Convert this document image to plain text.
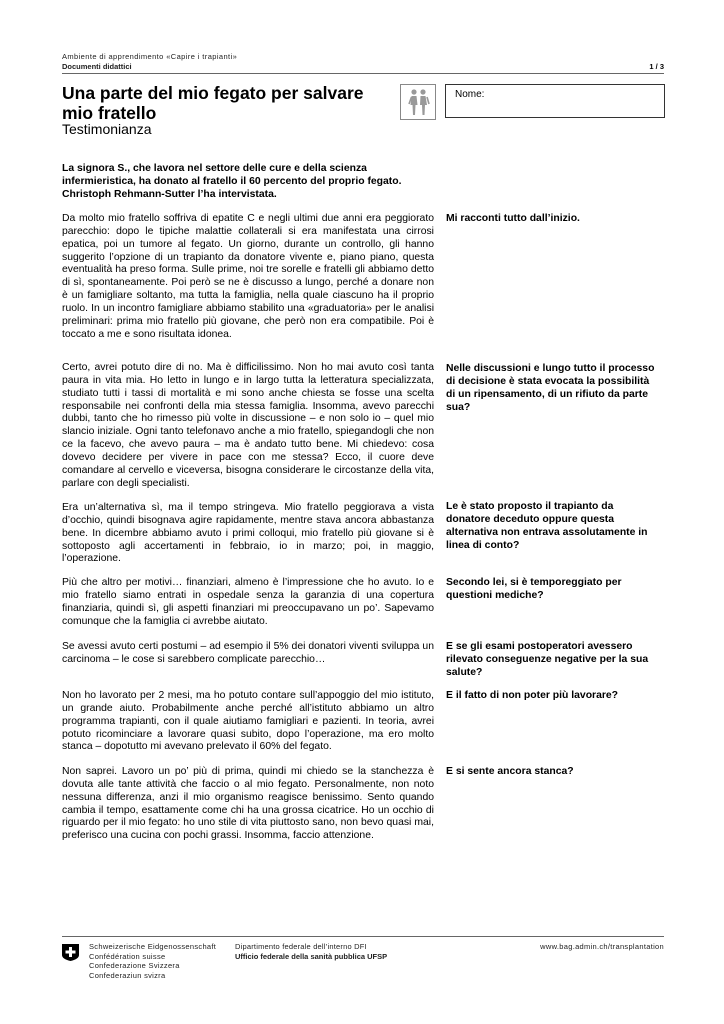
Ambiente di apprendimento «Capire i trapianti»
Documenti didattici	1 / 3
Una parte del mio fegato per salvare mio fratello
Testimonianza
Nome:
La signora S., che lavora nel settore delle cure e della scienza infermieristica, ha donato al fratello il 60 percento del proprio fegato. Christoph Rehmann-Sutter l’ha intervistata.
Da molto mio fratello soffriva di epatite C e negli ultimi due anni era peggiorato parecchio: dopo le tipiche malattie collaterali si era manifestata una cirrosi epatica, poi un tumore al fegato. Un giorno, durante un controllo, gli hanno suggerito l’opzione di un trapianto da donatore vivente e, piano piano, questa eventualità ha preso forma. Sulle prime, noi tre sorelle e fratelli gli abbiamo detto di sì, spontaneamente. Poi però se ne è discusso a lungo, perché a donare non è un famigliare soltanto, ma tutta la famiglia, nella quale ciascuno ha il proprio ruolo. In un incontro famigliare abbiamo stabilito una «graduatoria» per le analisi preliminari: prima mio fratello più giovane, che però non era compatibile. Poi è toccato a me e sono risultata idonea.
Mi racconti tutto dall’inizio.
Certo, avrei potuto dire di no. Ma è difficilissimo. Non ho mai avuto così tanta paura in vita mia. Ho letto in lungo e in largo tutta la letteratura specializzata, studiato tutti i tassi di mortalità e mi sono anche chiesta se fosse una scelta responsabile nei confronti della mia stessa famiglia. Insomma, avevo parecchi dubbi, tanto che ho rimesso più volte in discussione – e non solo io – quel mio slancio iniziale. Ogni tanto telefonavo anche a mio fratello, spiegandogli che non ce la facevo, che avevo paura – ma è andato tutto bene. Mi chiedevo: cosa dovevo decidere per vivere in pace con me stessa? Ecco, il cuore deve comandare al cervello e viceversa, bisogna considerare le circostanze della vita, parlare con degli specialisti.
Nelle discussioni e lungo tutto il processo di decisione è stata evocata la possibilità di un ripensamento, di un rifiuto da parte sua?
Era un’alternativa sì, ma il tempo stringeva. Mio fratello peggiorava a vista d’occhio, quindi bisognava agire rapidamente, mentre stava ancora abbastanza bene. In dicembre abbiamo avuto i primi colloqui, mio fratello più giovane si è sottoposto agli accertamenti in febbraio, io in marzo; poi, in maggio, l’operazione.
Le è stato proposto il trapianto da donatore deceduto oppure questa alternativa non entrava assolutamente in linea di conto?
Più che altro per motivi… finanziari, almeno è l’impressione che ho avuto. Io e mio fratello siamo entrati in ospedale senza la garanzia di una copertura finanziaria, quindi sì, gli aspetti finanziari mi preoccupavano un po’. Sapevamo comunque che la famiglia ci avrebbe aiutato.
Secondo lei, si è temporeggiato per questioni mediche?
Se avessi avuto certi postumi – ad esempio il 5% dei donatori viventi sviluppa un carcinoma – le cose si sarebbero complicate parecchio…
E se gli esami postoperatori avessero rilevato conseguenze negative per la sua salute?
Non ho lavorato per 2 mesi, ma ho potuto contare sull’appoggio del mio istituto, un grande aiuto. Probabilmente anche perché all’istituto abbiamo un altro programma trapianti, con il quale aiutiamo famigliari e pazienti. In teoria, avrei potuto ricominciare a lavorare quasi subito, dopo l’operazione, ma ero molto stanca – dopotutto mi avevano prelevato il 60% del fegato.
E il fatto di non poter più lavorare?
Non saprei. Lavoro un po’ più di prima, quindi mi chiedo se la stanchezza è dovuta alle tante attività che faccio o al mio fegato. Personalmente, non noto nessuna differenza, anzi il mio organismo reagisce benissimo. Sento quando cambia il tempo, esattamente come chi ha una grossa cicatrice. Ho un occhio di riguardo per il mio fegato: ho uno stile di vita piuttosto sano, non bevo quasi mai, preferisco una cucina con pochi grassi. Insomma, faccio attenzione.
E si sente ancora stanca?
Schweizerische Eidgenossenschaft
Confédération suisse
Confederazione Svizzera
Confederaziun svizra
Dipartimento federale dell’interno DFI
Ufficio federale della sanità pubblica UFSP
www.bag.admin.ch/transplantation
